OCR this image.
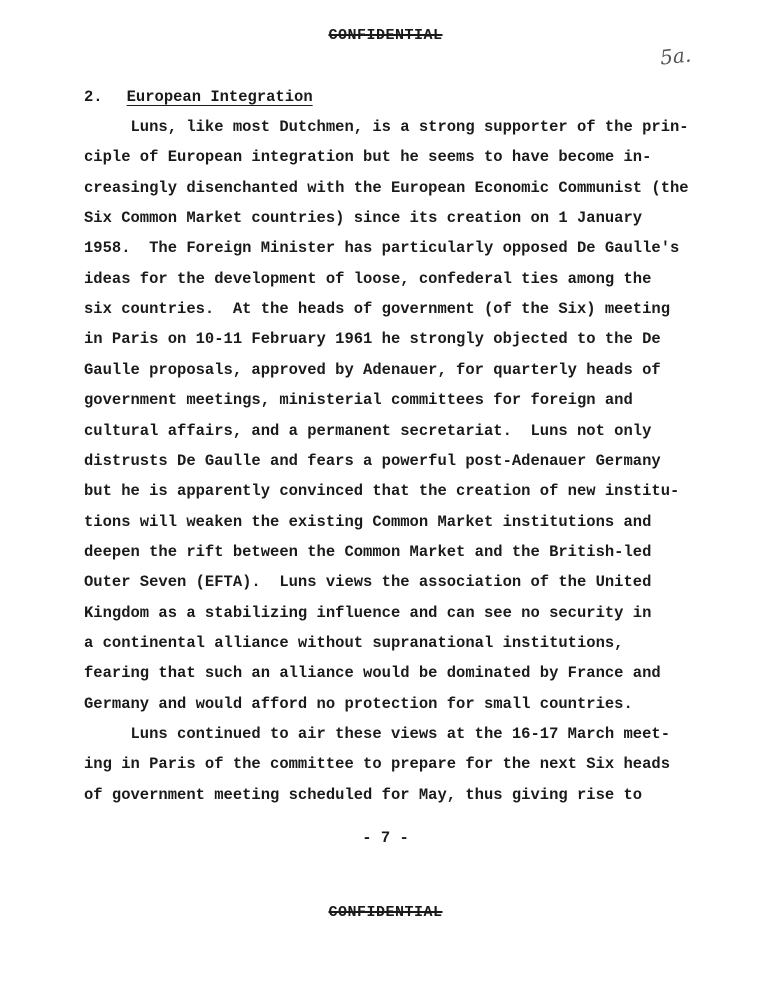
CONFIDENTIAL
5a.
2. European Integration
Luns, like most Dutchmen, is a strong supporter of the prin-
ciple of European integration but he seems to have become in-
creasingly disenchanted with the European Economic Communist (the
Six Common Market countries) since its creation on 1 January
1958.  The Foreign Minister has particularly opposed De Gaulle's
ideas for the development of loose, confederal ties among the
six countries.  At the heads of government (of the Six) meeting
in Paris on 10-11 February 1961 he strongly objected to the De
Gaulle proposals, approved by Adenauer, for quarterly heads of
government meetings, ministerial committees for foreign and
cultural affairs, and a permanent secretariat.  Luns not only
distrusts De Gaulle and fears a powerful post-Adenauer Germany
but he is apparently convinced that the creation of new institu-
tions will weaken the existing Common Market institutions and
deepen the rift between the Common Market and the British-led
Outer Seven (EFTA).  Luns views the association of the United
Kingdom as a stabilizing influence and can see no security in
a continental alliance without supranational institutions,
fearing that such an alliance would be dominated by France and
Germany and would afford no protection for small countries.
Luns continued to air these views at the 16-17 March meet-
ing in Paris of the committee to prepare for the next Six heads
of government meeting scheduled for May, thus giving rise to
- 7 -
CONFIDENTIAL
